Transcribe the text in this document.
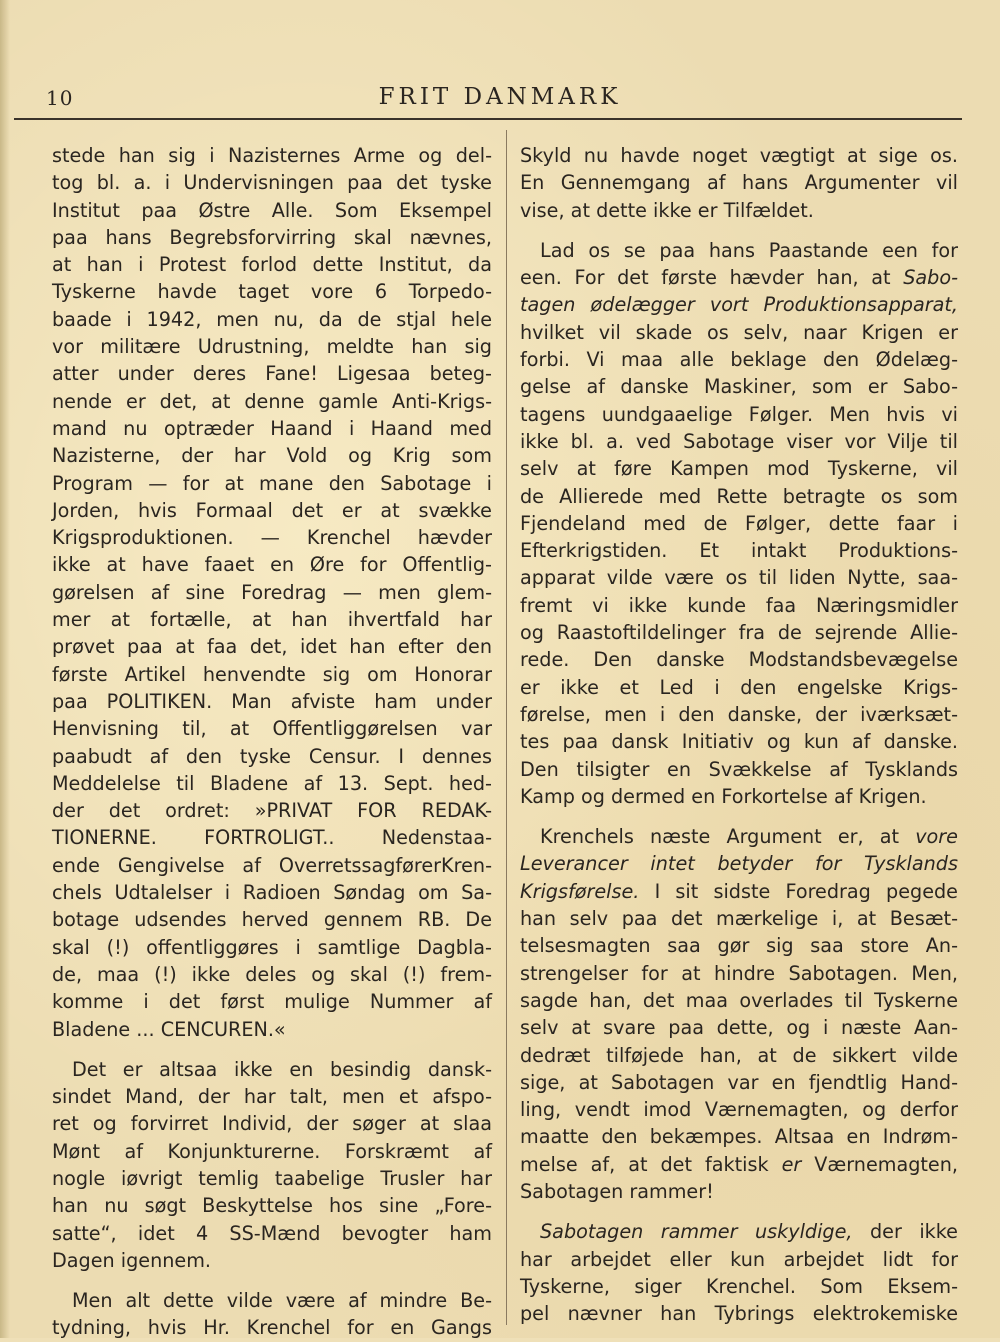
10	FRIT DANMARK
stede han sig i Nazisternes Arme og del-
tog bl. a. i Undervisningen paa det tyske
Institut paa Østre Alle. Som Eksempel
paa hans Begrebsforvirring skal nævnes,
at han i Protest forlod dette Institut, da
Tyskerne havde taget vore 6 Torpedo-
baade i 1942, men nu, da de stjal hele
vor militære Udrustning, meldte han sig
atter under deres Fane! Ligesaa beteg-
nende er det, at denne gamle Anti-Krigs-
mand nu optræder Haand i Haand med
Nazisterne, der har Vold og Krig som
Program — for at mane den Sabotage i
Jorden, hvis Formaal det er at svække
Krigsproduktionen. — Krenchel hævder
ikke at have faaet en Øre for Offentlig-
gørelsen af sine Foredrag — men glem-
mer at fortælle, at han ihvertfald har
prøvet paa at faa det, idet han efter den
første Artikel henvendte sig om Honorar
paa POLITIKEN. Man afviste ham under
Henvisning til, at Offentliggørelsen var
paabudt af den tyske Censur. I dennes
Meddelelse til Bladene af 13. Sept. hed-
der det ordret: »PRIVAT FOR REDAK-
TIONERNE. FORTROLIGT.. Nedenstaa-
ende Gengivelse af OverretssagførerKren-
chels Udtalelser i Radioen Søndag om Sa-
botage udsendes herved gennem RB. De
skal (!) offentliggøres i samtlige Dagbla-
de, maa (!) ikke deles og skal (!) frem-
komme i det først mulige Nummer af
Bladene ... CENCUREN.«
Det er altsaa ikke en besindig dansk-
sindet Mand, der har talt, men et afspo-
ret og forvirret Individ, der søger at slaa
Mønt af Konjunkturerne. Forskræmt af
nogle iøvrigt temlig taabelige Trusler har
han nu søgt Beskyttelse hos sine „Fore-
satte“, idet 4 SS-Mænd bevogter ham
Dagen igennem.
Men alt dette vilde være af mindre Be-
tydning, hvis Hr. Krenchel for en Gangs
Skyld nu havde noget vægtigt at sige os.
En Gennemgang af hans Argumenter vil
vise, at dette ikke er Tilfældet.
Lad os se paa hans Paastande een for
een. For det første hævder han, at Sabo-
tagen ødelægger vort Produktionsapparat,
hvilket vil skade os selv, naar Krigen er
forbi. Vi maa alle beklage den Ødelæg-
gelse af danske Maskiner, som er Sabo-
tagens uundgaaelige Følger. Men hvis vi
ikke bl. a. ved Sabotage viser vor Vilje til
selv at føre Kampen mod Tyskerne, vil
de Allierede med Rette betragte os som
Fjendeland med de Følger, dette faar i
Efterkrigstiden. Et intakt Produktions-
apparat vilde være os til liden Nytte, saa-
fremt vi ikke kunde faa Næringsmidler
og Raastoftildelinger fra de sejrende Allie-
rede. Den danske Modstandsbevægelse
er ikke et Led i den engelske Krigs-
førelse, men i den danske, der iværksæt-
tes paa dansk Initiativ og kun af danske.
Den tilsigter en Svækkelse af Tysklands
Kamp og dermed en Forkortelse af Krigen.
Krenchels næste Argument er, at vore
Leverancer intet betyder for Tysklands
Krigsførelse. I sit sidste Foredrag pegede
han selv paa det mærkelige i, at Besæt-
telsesmagten saa gør sig saa store An-
strengelser for at hindre Sabotagen. Men,
sagde han, det maa overlades til Tyskerne
selv at svare paa dette, og i næste Aan-
dedræt tilføjede han, at de sikkert vilde
sige, at Sabotagen var en fjendtlig Hand-
ling, vendt imod Værnemagten, og derfor
maatte den bekæmpes. Altsaa en Indrøm-
melse af, at det faktisk er Værnemagten,
Sabotagen rammer!
Sabotagen rammer uskyldige, der ikke
har arbejdet eller kun arbejdet lidt for
Tyskerne, siger Krenchel. Som Eksem-
pel nævner han Tybrings elektrokemiske
